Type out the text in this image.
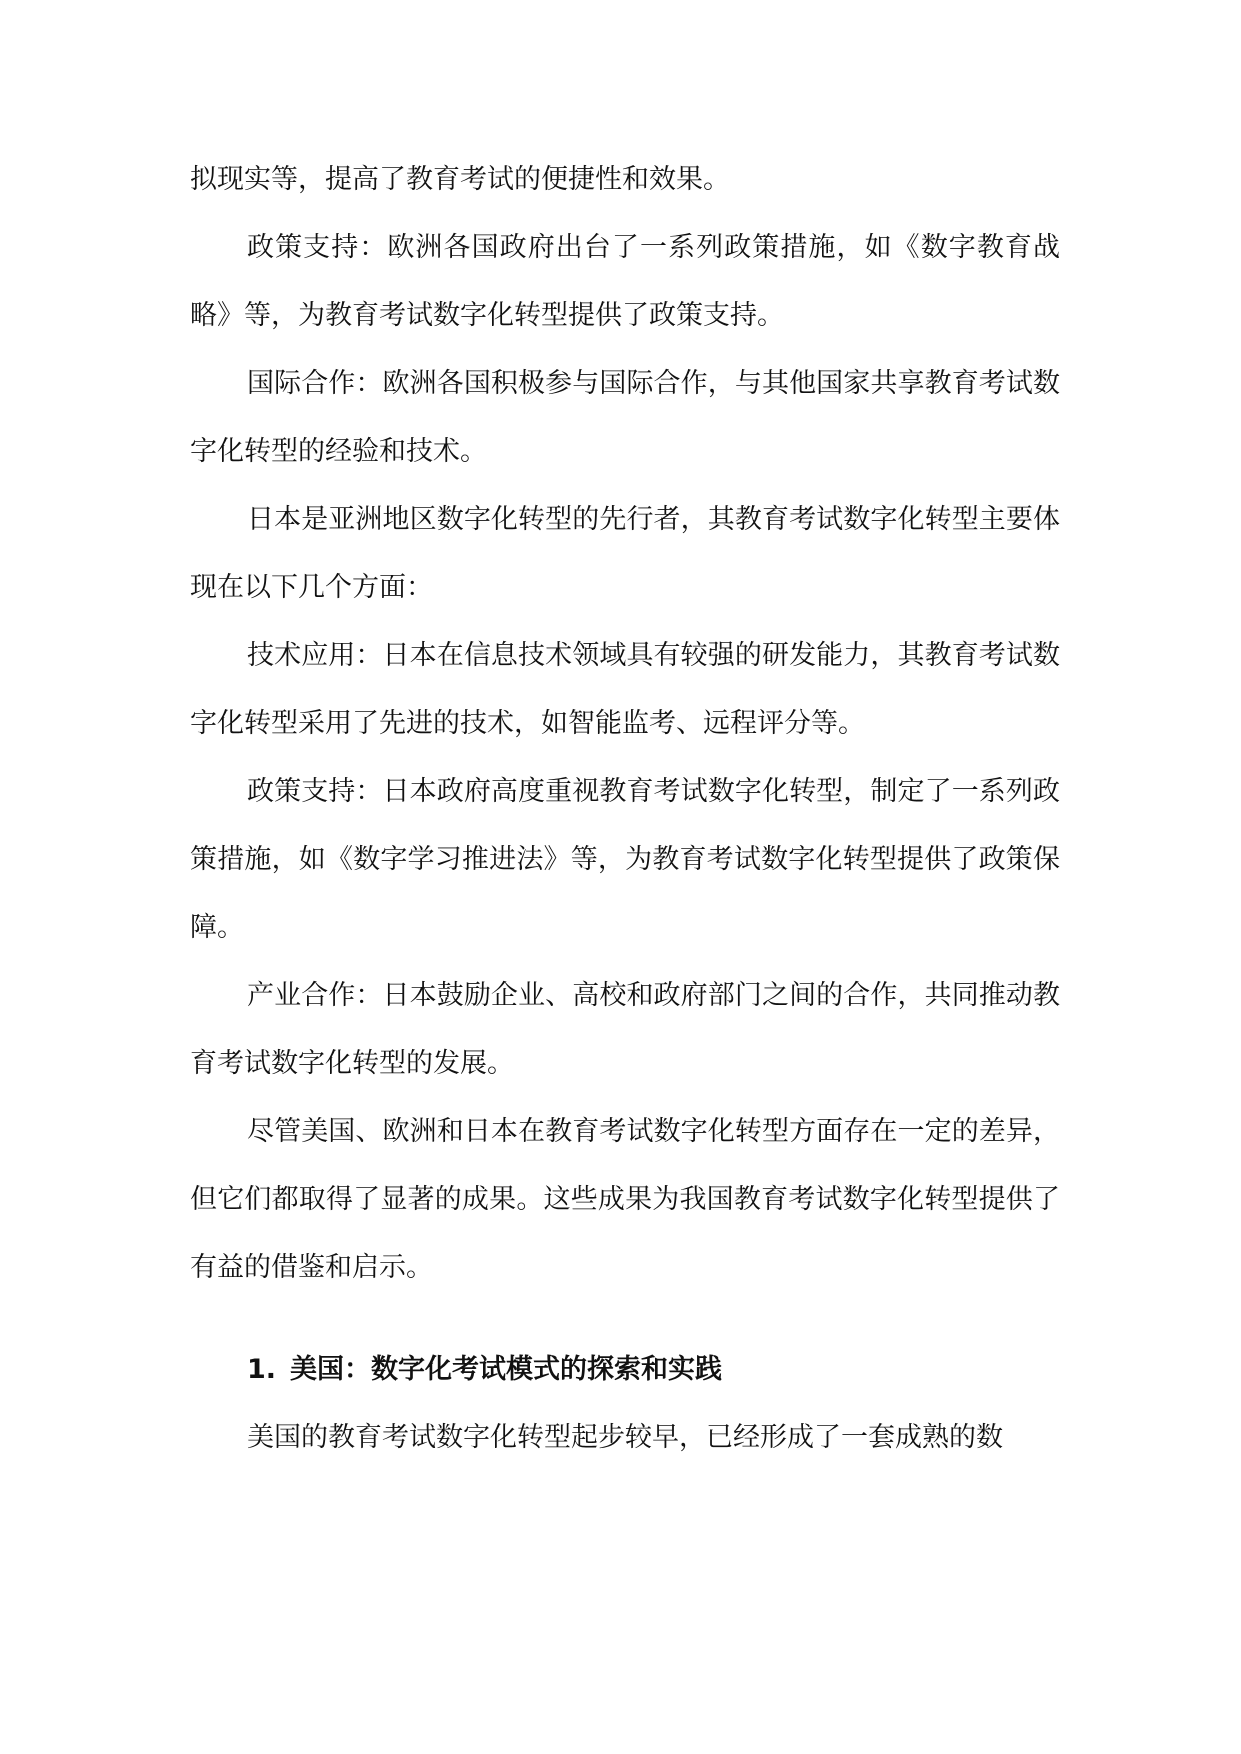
拟现实等，提高了教育考试的便捷性和效果。

政策支持：欧洲各国政府出台了一系列政策措施，如《数字教育战略》等，为教育考试数字化转型提供了政策支持。

国际合作：欧洲各国积极参与国际合作，与其他国家共享教育考试数字化转型的经验和技术。

日本是亚洲地区数字化转型的先行者，其教育考试数字化转型主要体现在以下几个方面：

技术应用：日本在信息技术领域具有较强的研发能力，其教育考试数字化转型采用了先进的技术，如智能监考、远程评分等。

政策支持：日本政府高度重视教育考试数字化转型，制定了一系列政策措施，如《数字学习推进法》等，为教育考试数字化转型提供了政策保障。

产业合作：日本鼓励企业、高校和政府部门之间的合作，共同推动教育考试数字化转型的发展。

尽管美国、欧洲和日本在教育考试数字化转型方面存在一定的差异，但它们都取得了显著的成果。这些成果为我国教育考试数字化转型提供了有益的借鉴和启示。

1. 美国：数字化考试模式的探索和实践

美国的教育考试数字化转型起步较早，已经形成了一套成熟的数
